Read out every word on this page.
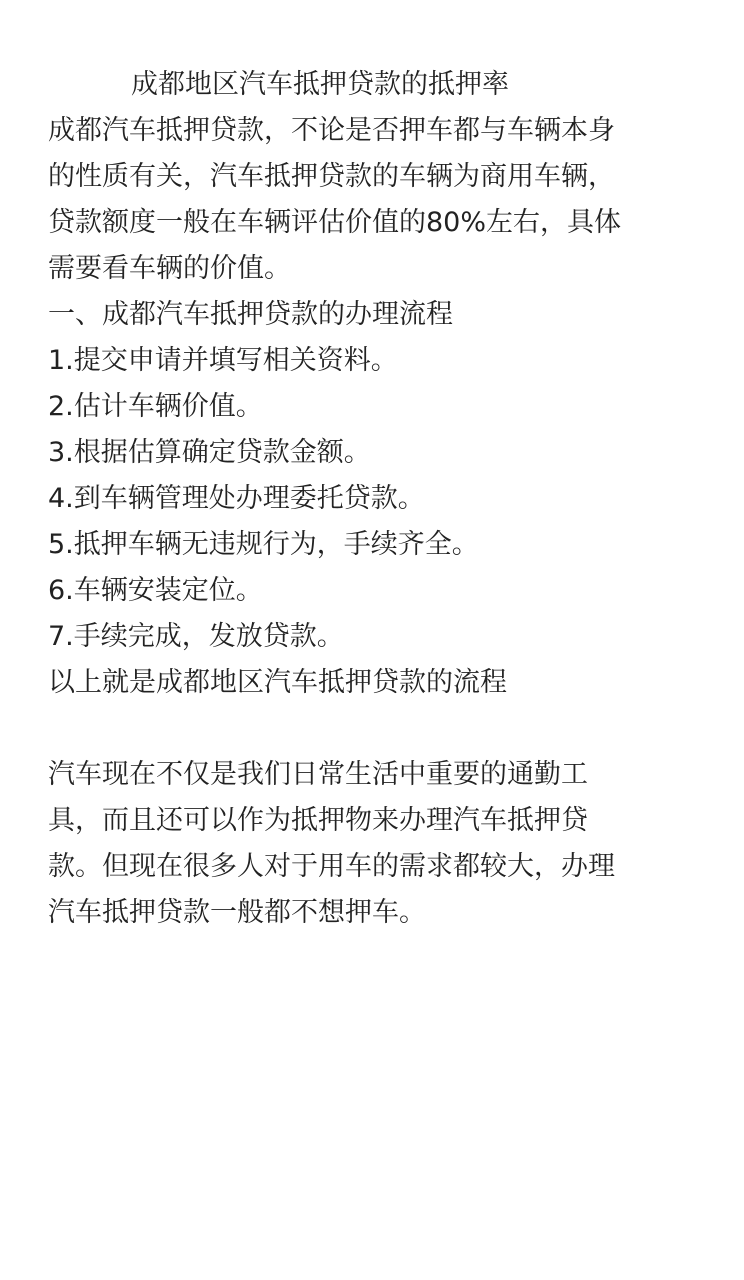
成都地区汽车抵押贷款的抵押率
成都汽车抵押贷款，不论是否押车都与车辆本身
的性质有关，汽车抵押贷款的车辆为商用车辆，
贷款额度一般在车辆评估价值的80%左右，具体
需要看车辆的价值。
一、成都汽车抵押贷款的办理流程
1.提交申请并填写相关资料。
2.估计车辆价值。
3.根据估算确定贷款金额。
4.到车辆管理处办理委托贷款。
5.抵押车辆无违规行为，手续齐全。
6.车辆安装定位。
7.手续完成，发放贷款。
以上就是成都地区汽车抵押贷款的流程
汽车现在不仅是我们日常生活中重要的通勤工
具，而且还可以作为抵押物来办理汽车抵押贷
款。但现在很多人对于用车的需求都较大，办理
汽车抵押贷款一般都不想押车。
